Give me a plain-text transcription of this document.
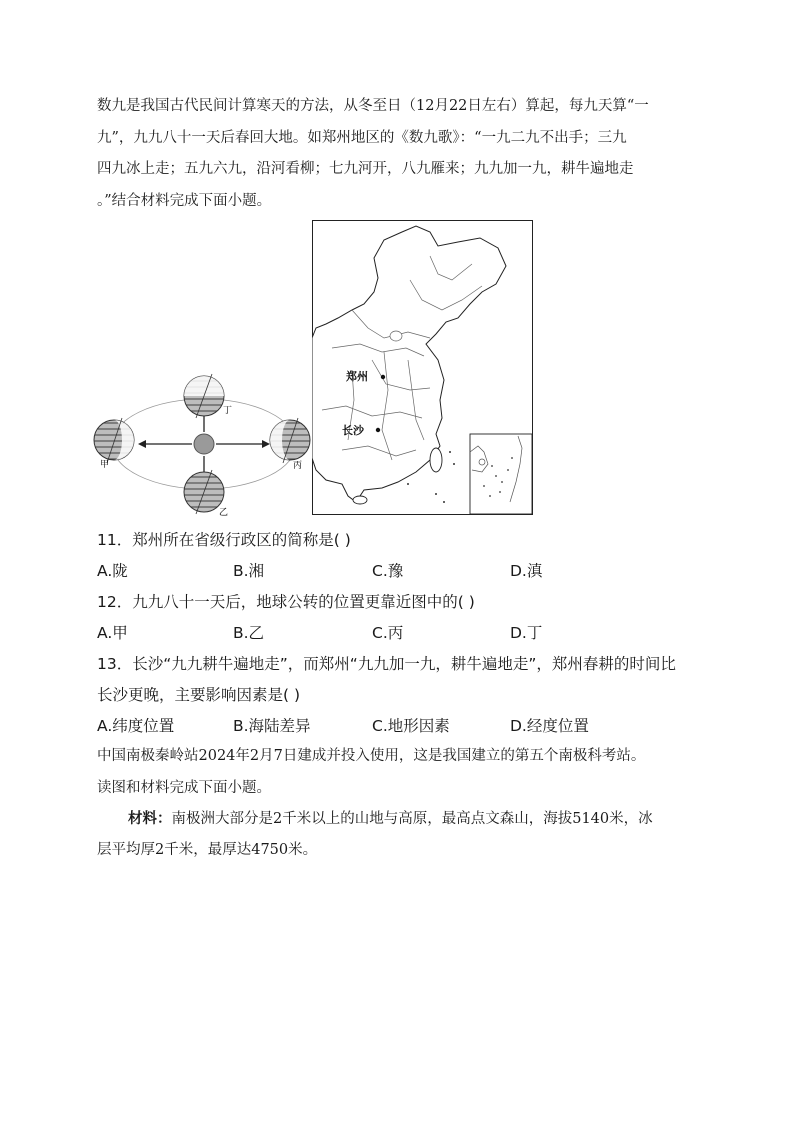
数九是我国古代民间计算寒天的方法，从冬至日（12月22日左右）算起，每九天算“一
九”，九九八十一天后春回大地。如郑州地区的《数九歌》：“一九二九不出手；三九
四九冰上走；五九六九，沿河看柳；七九河开，八九雁来；九九加一九，耕牛遍地走
。”结合材料完成下面小题。
甲
丁
丙
乙
郑州
长沙
11．郑州所在省级行政区的简称是( )
A.陇	B.湘	C.豫	D.滇
12．九九八十一天后，地球公转的位置更靠近图中的( )
A.甲	B.乙	C.丙	D.丁
13．长沙“九九耕牛遍地走”，而郑州“九九加一九，耕牛遍地走”，郑州春耕的时间比
长沙更晚，主要影响因素是( )
A.纬度位置	B.海陆差异	C.地形因素	D.经度位置
中国南极秦岭站2024年2月7日建成并投入使用，这是我国建立的第五个南极科考站。
读图和材料完成下面小题。
材料：南极洲大部分是2千米以上的山地与高原，最高点文森山，海拔5140米，冰
层平均厚2千米，最厚达4750米。
